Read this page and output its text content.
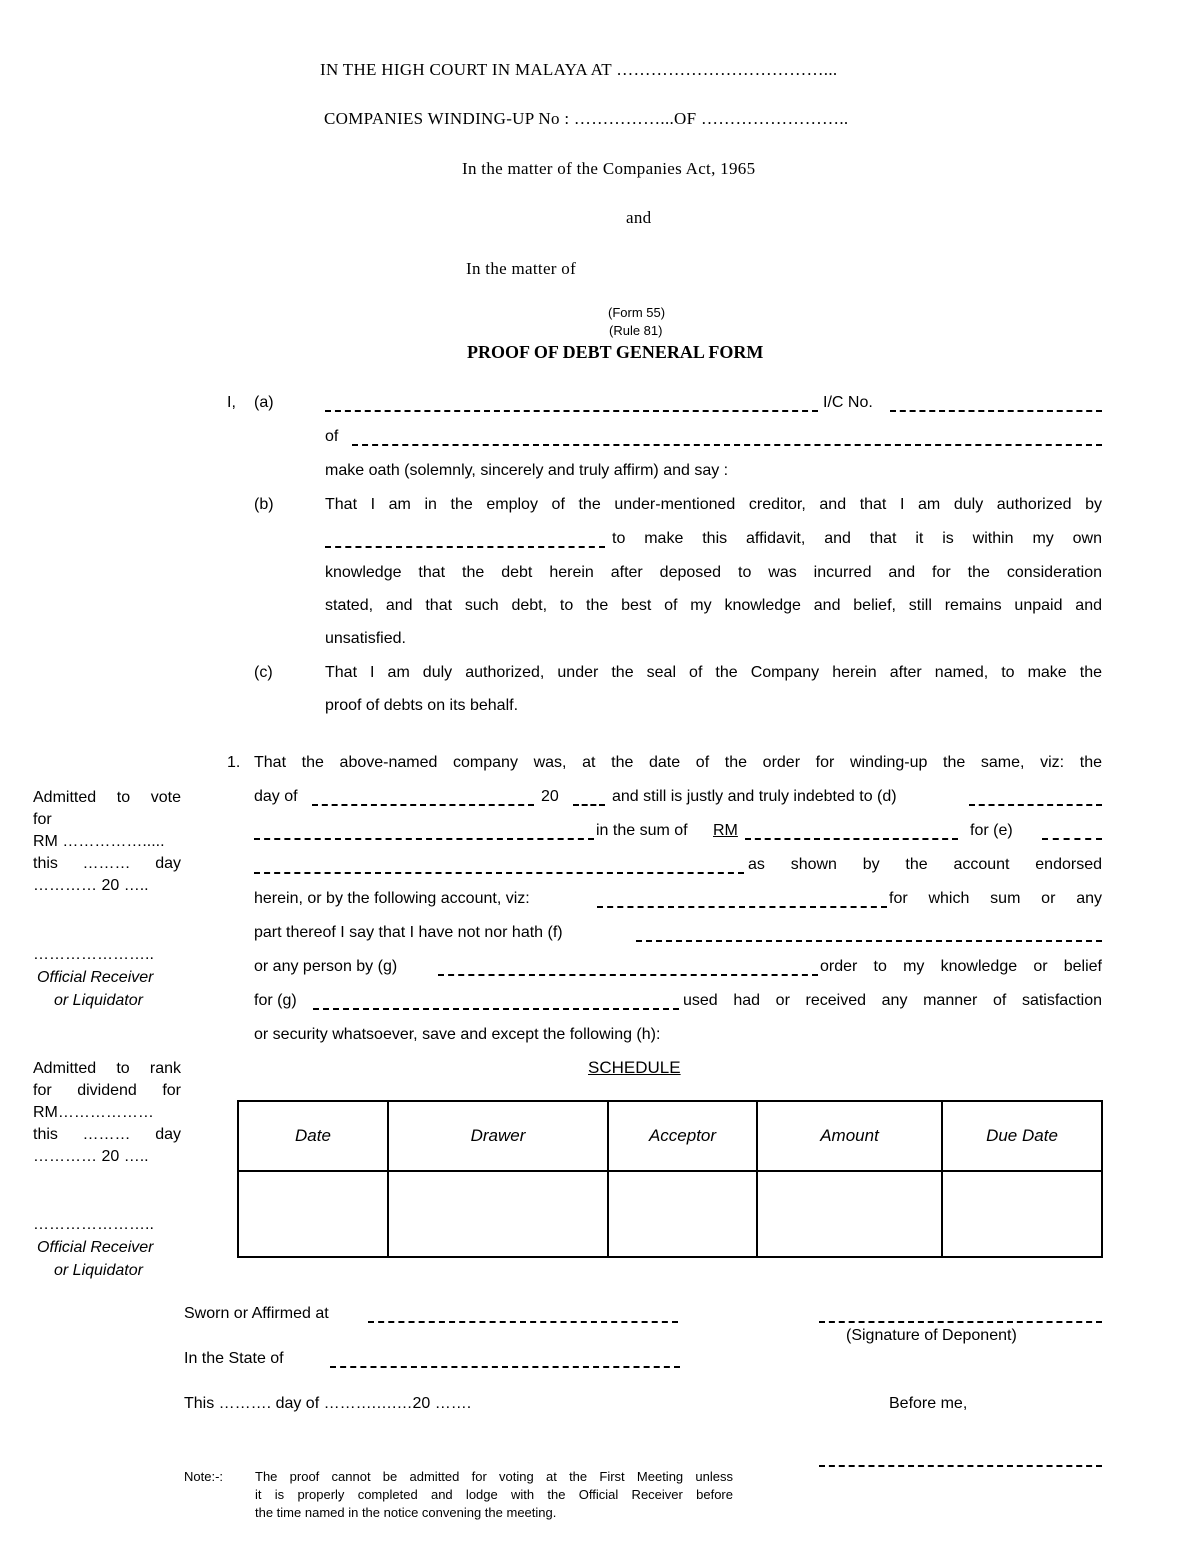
IN THE HIGH COURT IN MALAYA AT ………………………………...
COMPANIES WINDING-UP No : ……………...OF ……………………..
In the matter of the Companies Act, 1965
and
In the matter of
(Form 55)
(Rule 81)
PROOF OF DEBT GENERAL FORM
I, (a)	I/C No.
of
make oath (solemnly, sincerely and truly affirm) and say :
(b)	That I am in the employ of the under-mentioned creditor, and that I am duly authorized by
to make this affidavit, and that it is within my own
knowledge that the debt herein after deposed to was incurred and for the consideration
stated, and that such debt, to the best of my knowledge and belief, still remains unpaid and
unsatisfied.
(c)	That I am duly authorized, under the seal of the Company herein after named, to make the
proof of debts on its behalf.
1. That the above-named company was, at the date of the order for winding-up the same, viz: the
day of	20	and still is justly and truly indebted to (d)
in the sum of RM	for (e)
as shown by the account endorsed
herein, or by the following account, viz:	for which sum or any
part thereof I say that I have not nor hath (f)
or any person by (g)	order to my knowledge or belief
for (g)	used had or received any manner of satisfaction
or security whatsoever, save and except the following (h):
Admitted to vote
for
RM …………….....
this ……… day
………… 20 …..
…………………..
Official Receiver
or Liquidator
Admitted to rank
for dividend for
RM………………
this ……… day
………… 20 …..
…………………..
Official Receiver
or Liquidator
SCHEDULE
Date	Drawer	Acceptor	Amount	Due Date

Sworn or Affirmed at
(Signature of Deponent)
In the State of
This ………. day of ……….….…20 …….	Before me,
Note:-: The proof cannot be admitted for voting at the First Meeting unless
it is properly completed and lodge with the Official Receiver before
the time named in the notice convening the meeting.
